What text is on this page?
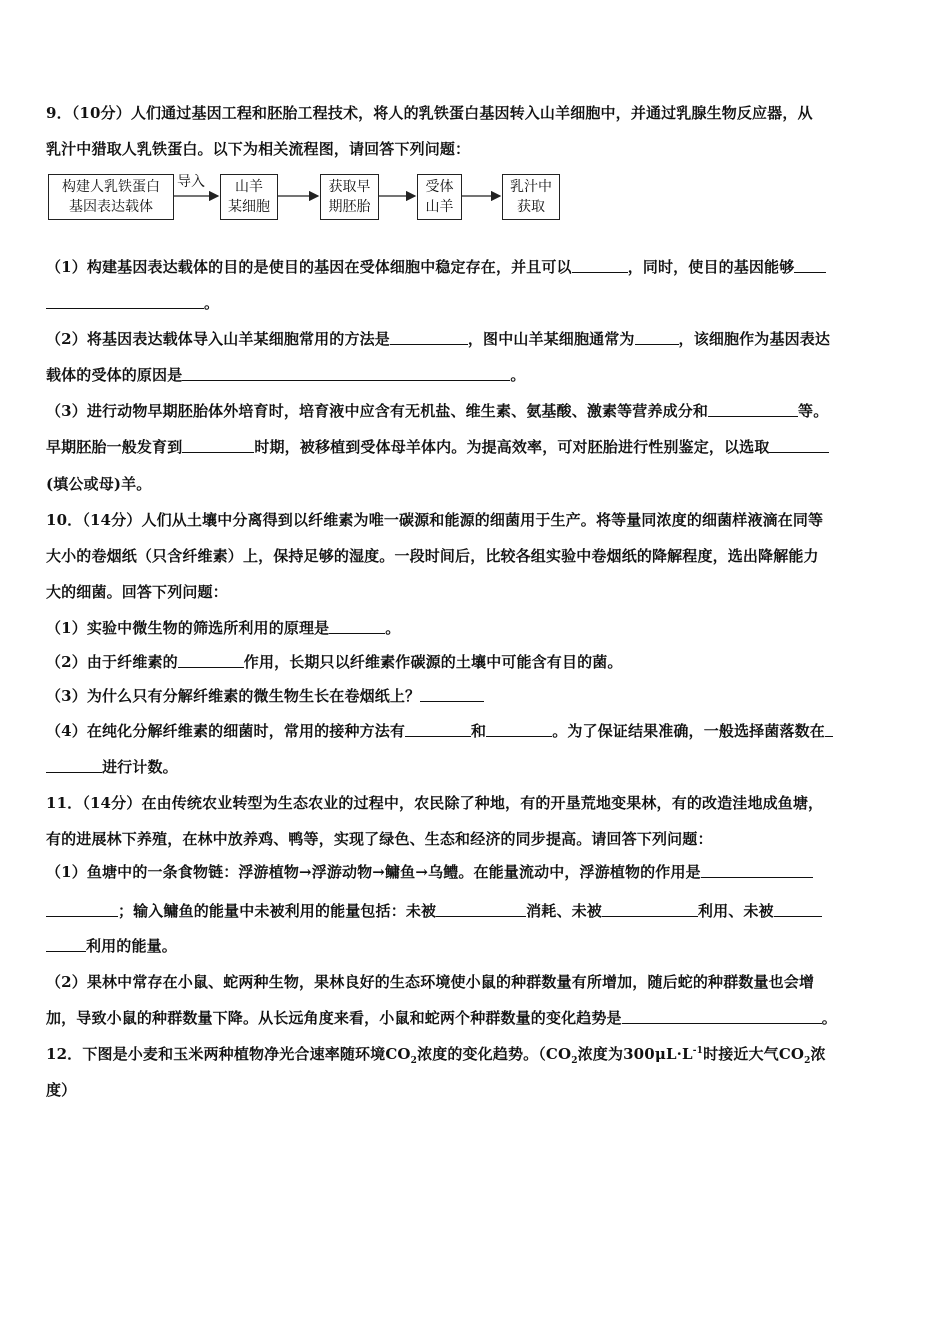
9．（10分）人们通过基因工程和胚胎工程技术，将人的乳铁蛋白基因转入山羊细胞中，并通过乳腺生物反应器，从
乳汁中猎取人乳铁蛋白。以下为相关流程图，请回答下列问题：
构建人乳铁蛋白
基因表达载体
导入	山羊
某细胞
获取早
期胚胎
受体
山羊
乳汁中
获取
（1）构建基因表达载体的目的是使目的基因在受体细胞中稳定存在，并且可以	，同时，使目的基因能够
。
（2）将基因表达载体导入山羊某细胞常用的方法是	，图中山羊某细胞通常为	，该细胞作为基因表达
载体的受体的原因是	。
（3）进行动物早期胚胎体外培育时，培育液中应含有无机盐、维生素、氨基酸、激素等营养成分和	等。
早期胚胎一般发育到	时期，被移植到受体母羊体内。为提高效率，可对胚胎进行性别鉴定，以选取
(填公或母)羊。
10．（14分）人们从土壤中分离得到以纤维素为唯一碳源和能源的细菌用于生产。将等量同浓度的细菌样液滴在同等
大小的卷烟纸（只含纤维素）上，保持足够的湿度。一段时间后，比较各组实验中卷烟纸的降解程度，选出降解能力
大的细菌。回答下列问题：
（1）实验中微生物的筛选所利用的原理是	。
（2）由于纤维素的	作用，长期只以纤维素作碳源的土壤中可能含有目的菌。
（3）为什么只有分解纤维素的微生物生长在卷烟纸上？
（4）在纯化分解纤维素的细菌时，常用的接种方法有	和	。为了保证结果准确，一般选择菌落数在
进行计数。
11．（14分）在由传统农业转型为生态农业的过程中，农民除了种地，有的开垦荒地变果林，有的改造洼地成鱼塘，
有的进展林下养殖，在林中放养鸡、鸭等，实现了绿色、生态和经济的同步提高。请回答下列问题：
（1）鱼塘中的一条食物链：浮游植物→浮游动物→鳙鱼→乌鳢。在能量流动中，浮游植物的作用是
；输入鳙鱼的能量中未被利用的能量包括：未被	消耗、未被	利用、未被
利用的能量。
（2）果林中常存在小鼠、蛇两种生物，果林良好的生态环境使小鼠的种群数量有所增加，随后蛇的种群数量也会增
加，导致小鼠的种群数量下降。从长远角度来看，小鼠和蛇两个种群数量的变化趋势是	。
12．下图是小麦和玉米两种植物净光合速率随环境$CO_2$浓度的变化趋势。（$CO_2$浓度为$300\mu L\cdot L^{-1}$时接近大气$CO_2$浓
度）
